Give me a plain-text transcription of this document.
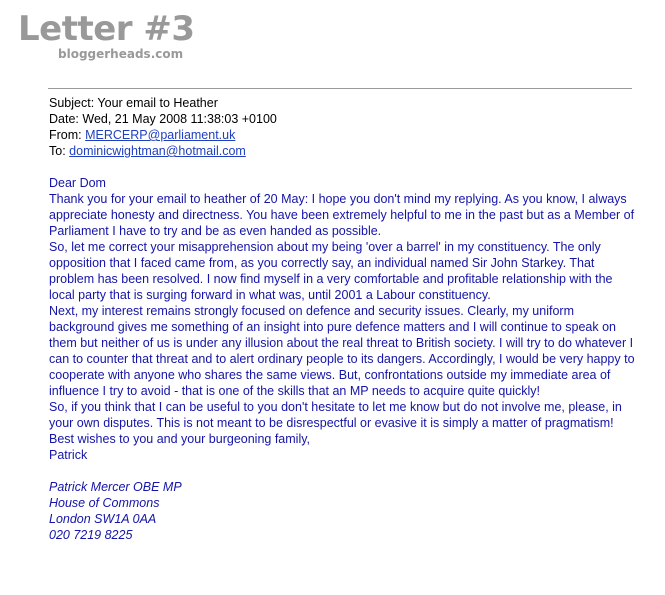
Letter #3
bloggerheads.com
Subject: Your email to Heather
Date: Wed, 21 May 2008 11:38:03 +0100
From: MERCERP@parliament.uk
To: dominicwightman@hotmail.com

Dear Dom

Thank you for your email to heather of 20 May: I hope you don't mind my replying. As you know, I always appreciate honesty and directness. You have been extremely helpful to me in the past but as a Member of Parliament I have to try and be as even handed as possible.

So, let me correct your misapprehension about my being 'over a barrel' in my constituency. The only opposition that I faced came from, as you correctly say, an individual named Sir John Starkey. That problem has been resolved. I now find myself in a very comfortable and profitable relationship with the local party that is surging forward in what was, until 2001 a Labour constituency.

Next, my interest remains strongly focused on defence and security issues. Clearly, my uniform background gives me something of an insight into pure defence matters and I will continue to speak on them but neither of us is under any illusion about the real threat to British society. I will try to do whatever I can to counter that threat and to alert ordinary people to its dangers. Accordingly, I would be very happy to cooperate with anyone who shares the same views. But, confrontations outside my immediate area of influence I try to avoid - that is one of the skills that an MP needs to acquire quite quickly!

So, if you think that I can be useful to you don't hesitate to let me know but do not involve me, please, in your own disputes. This is not meant to be disrespectful or evasive it is simply a matter of pragmatism!

Best wishes to you and your burgeoning family,

Patrick

Patrick Mercer OBE MP
House of Commons
London SW1A 0AA
020 7219 8225
